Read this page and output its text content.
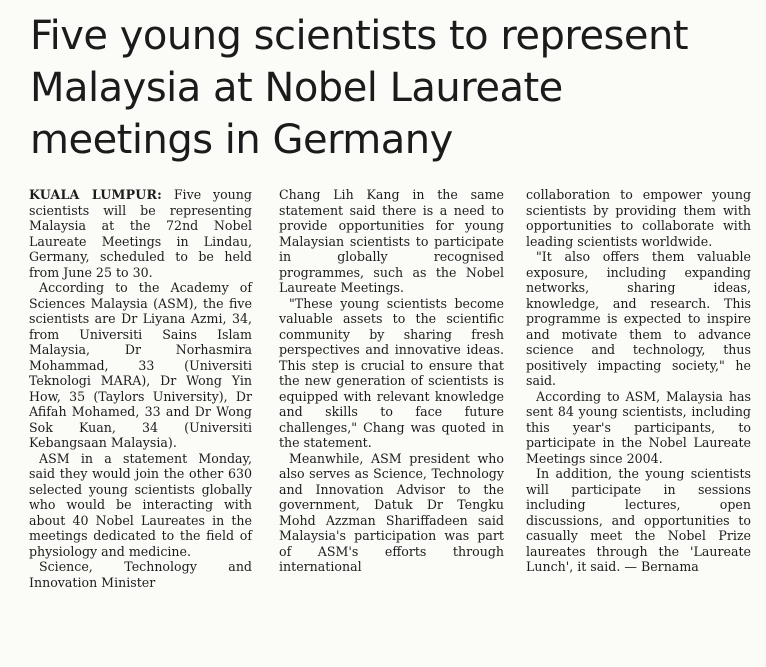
Five young scientists to represent
Malaysia at Nobel Laureate
meetings in Germany

KUALA LUMPUR: Five young scientists will be representing Malaysia at the 72nd Nobel Laureate Meetings in Lindau, Germany, scheduled to be held from June 25 to 30.

According to the Academy of Sciences Malaysia (ASM), the five scientists are Dr Liyana Azmi, 34, from Universiti Sains Islam Malaysia, Dr Norhasmira Mohammad, 33 (Universiti Teknologi MARA), Dr Wong Yin How, 35 (Taylors University), Dr Afifah Mohamed, 33 and Dr Wong Sok Kuan, 34 (Universiti Kebangsaan Malaysia).

ASM in a statement Monday, said they would join the other 630 selected young scientists globally who would be interacting with about 40 Nobel Laureates in the meetings dedicated to the field of physiology and medicine.

Science, Technology and Innovation Minister

Chang Lih Kang in the same statement said there is a need to provide opportunities for young Malaysian scientists to participate in globally recognised programmes, such as the Nobel Laureate Meetings.

"These young scientists become valuable assets to the scientific community by sharing fresh perspectives and innovative ideas. This step is crucial to ensure that the new generation of scientists is equipped with relevant knowledge and skills to face future challenges," Chang was quoted in the statement.

Meanwhile, ASM president who also serves as Science, Technology and Innovation Advisor to the government, Datuk Dr Tengku Mohd Azzman Shariffadeen said Malaysia's participation was part of ASM's efforts through international

collaboration to empower young scientists by providing them with opportunities to collaborate with leading scientists worldwide.

"It also offers them valuable exposure, including expanding networks, sharing ideas, knowledge, and research. This programme is expected to inspire and motivate them to advance science and technology, thus positively impacting society," he said.

According to ASM, Malaysia has sent 84 young scientists, including this year's participants, to participate in the Nobel Laureate Meetings since 2004.

In addition, the young scientists will participate in sessions including lectures, open discussions, and opportunities to casually meet the Nobel Prize laureates through the 'Laureate Lunch', it said. — Bernama
